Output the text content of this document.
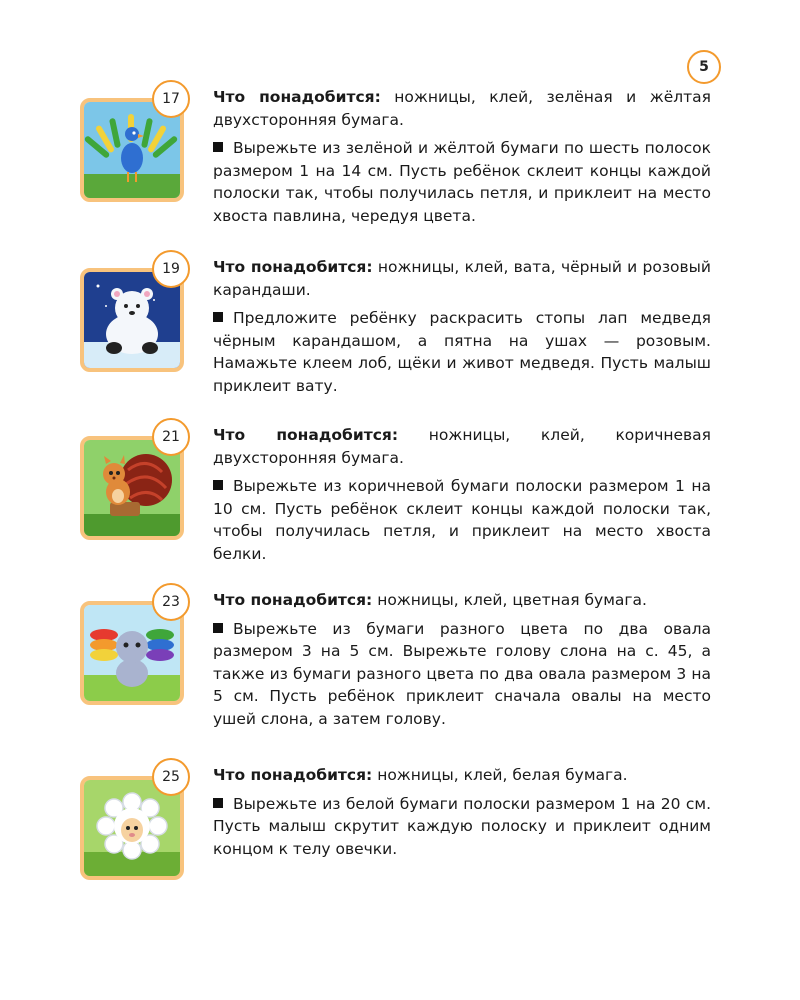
5
17	Что понадобится: ножницы, клей, зелёная и жёлтая двухсторонняя бумага.

Вырежьте из зелёной и жёлтой бумаги по шесть полосок размером 1 на 14 см. Пусть ребёнок склеит концы каждой полоски так, чтобы получилась петля, и приклеит на место хвоста павлина, чередуя цвета.

19	Что понадобится: ножницы, клей, вата, чёрный и розовый карандаши.

Предложите ребёнку раскрасить стопы лап медведя чёрным карандашом, а пятна на ушах — розовым. Намажьте клеем лоб, щёки и живот медведя. Пусть малыш приклеит вату.

21	Что понадобится: ножницы, клей, коричневая двухсторонняя бумага.

Вырежьте из коричневой бумаги полоски размером 1 на 10 см. Пусть ребёнок склеит концы каждой полоски так, чтобы получилась петля, и приклеит на место хвоста белки.

23	Что понадобится: ножницы, клей, цветная бумага.

Вырежьте из бумаги разного цвета по два овала размером 3 на 5 см. Вырежьте голову слона на с. 45, а также из бумаги разного цвета по два овала размером 3 на 5 см. Пусть ребёнок приклеит сначала овалы на место ушей слона, а затем голову.

25	Что понадобится: ножницы, клей, белая бумага.

Вырежьте из белой бумаги полоски размером 1 на 20 см. Пусть малыш скрутит каждую полоску и приклеит одним концом к телу овечки.
